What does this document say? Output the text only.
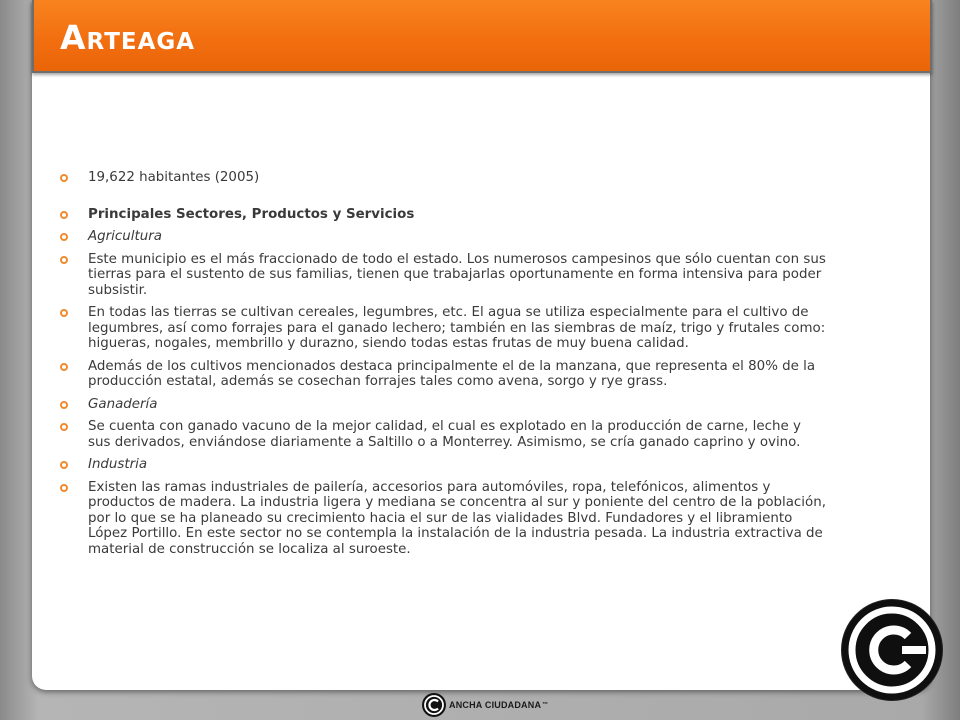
Arteaga
19,622 habitantes (2005)
Principales Sectores, Productos y Servicios
Agricultura
Este municipio es el más fraccionado de todo el estado. Los numerosos campesinos que sólo cuentan con sus tierras para el sustento de sus familias, tienen que trabajarlas oportunamente en forma intensiva para poder subsistir.
En todas las tierras se cultivan cereales, legumbres, etc. El agua se utiliza especialmente para el cultivo de legumbres, así como forrajes para el ganado lechero; también en las siembras de maíz, trigo y frutales como: higueras, nogales, membrillo y durazno, siendo todas estas frutas de muy buena calidad.
Además de los cultivos mencionados destaca principalmente el de la manzana, que representa el 80% de la producción estatal, además se cosechan forrajes tales como avena, sorgo y rye grass.
Ganadería
Se cuenta con ganado vacuno de la mejor calidad, el cual es explotado en la producción de carne, leche y sus derivados, enviándose diariamente a Saltillo o a Monterrey. Asimismo, se cría ganado caprino y ovino.
Industria
Existen las ramas industriales de pailería, accesorios para automóviles, ropa, telefónicos, alimentos y productos de madera. La industria ligera y mediana se concentra al sur y poniente del centro de la población, por lo que se ha planeado su crecimiento hacia el sur de las vialidades Blvd. Fundadores y el libramiento López Portillo. En este sector no se contempla la instalación de la industria pesada. La industria extractiva de material de construcción se localiza al suroeste.
ANCHA CIUDADANA ™
